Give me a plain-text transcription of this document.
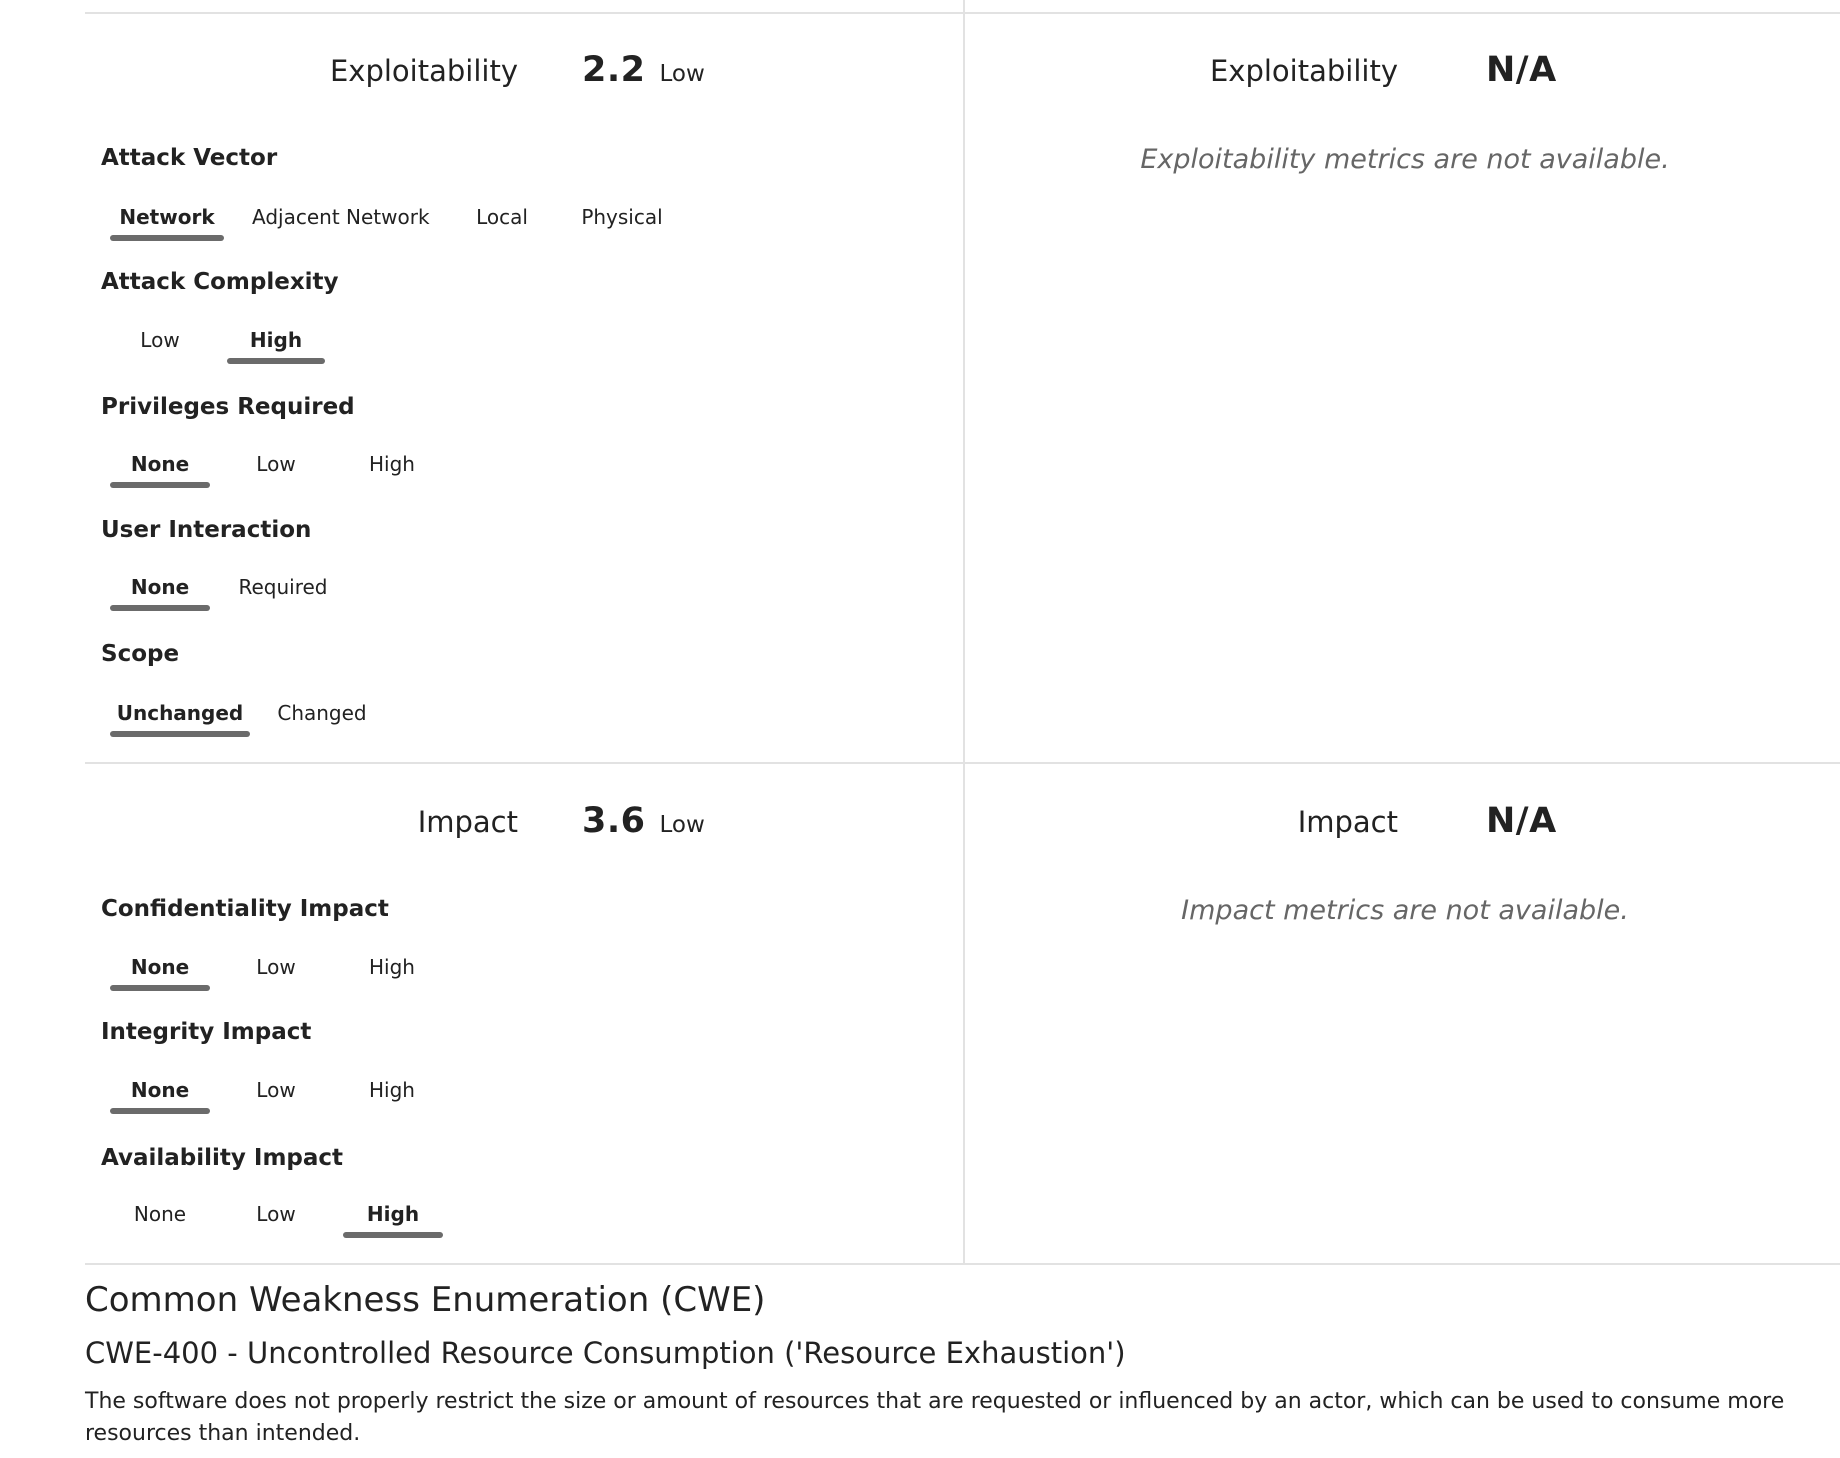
Exploitability 2.2 Low
Attack Vector
Network	Adjacent Network	Local	Physical
Attack Complexity
Low	High
Privileges Required
None	Low	High
User Interaction
None	Required
Scope
Unchanged	Changed
Exploitability	N/A
Exploitability metrics are not available.
Impact 3.6 Low
Confidentiality Impact
None	Low	High
Integrity Impact
None	Low	High
Availability Impact
None	Low	High
Impact	N/A
Impact metrics are not available.
Common Weakness Enumeration (CWE)
CWE-400 - Uncontrolled Resource Consumption ('Resource Exhaustion')
The software does not properly restrict the size or amount of resources that are requested or influenced by an actor, which can be used to consume more resources than intended.
